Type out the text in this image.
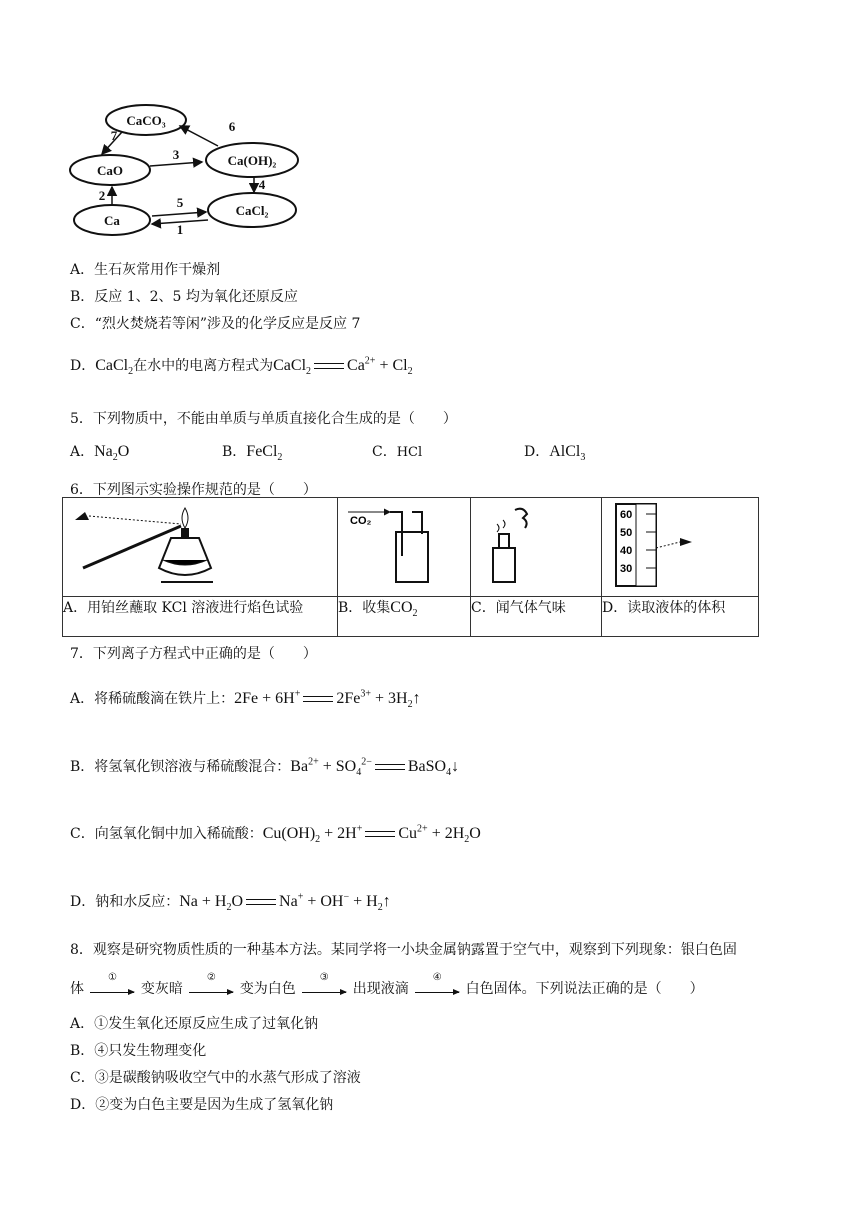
CaCO₃
CaO
Ca(OH)₂
Ca
CaCl₂
7
6
3
2
4
5
1
A．生石灰常用作干燥剂
B．反应 1、2、5 均为氧化还原反应
C．“烈火焚烧若等闲”涉及的化学反应是反应 7
D．CaCl$_2$在水中的电离方程式为CaCl$_2$ $Ca^{2+} + Cl_2$
5．下列物质中，不能由单质与单质直接化合生成的是（　　）
A．$Na_2O$	B．FeCl$_2$	C．HCl	D．AlCl$_3$
6．下列图示实验操作规范的是（　　）

CO₂		60
50
40
30

A．用铂丝蘸取 KCl 溶液进行焰色试验	B．收集$CO_2$	C．闻气体气味	D．读取液体的体积
7．下列离子方程式中正确的是（　　）
A．将稀硫酸滴在铁片上：2Fe + 6H+ $2Fe^{3+}$ + $3H_2↑$
B．将氢氧化钡溶液与稀硫酸混合：$Ba^{2+} + SO_4^{2-}$ BaSO$_4$↓
C．向氢氧化铜中加入稀硫酸：$Cu(OH)_2 + 2H^+$ $Cu^{2+} + 2H_2O$
D．钠和水反应：$Na + H_2O$ $Na^+ + OH^- + H_2↑$
8．观察是研究物质性质的一种基本方法。某同学将一小块金属钠露置于空气中，观察到下列现象：银白色固
体
①
变灰暗
②
变为白色
③
出现液滴
④
白色固体。下列说法正确的是（　　）
A．①发生氧化还原反应生成了过氧化钠
B．④只发生物理变化
C．③是碳酸钠吸收空气中的水蒸气形成了溶液
D．②变为白色主要是因为生成了氢氧化钠
